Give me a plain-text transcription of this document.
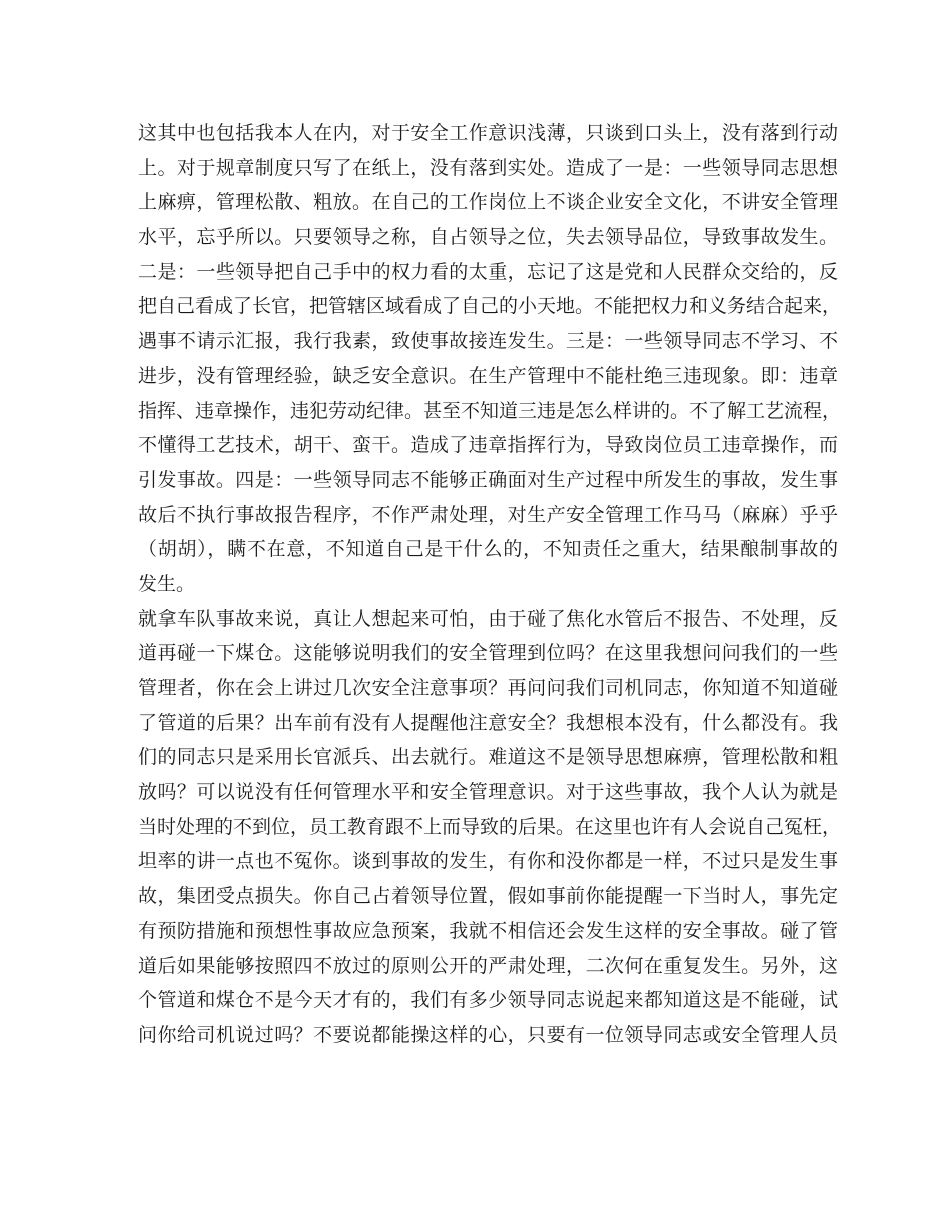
这其中也包括我本人在内，对于安全工作意识浅薄，只谈到口头上，没有落到行动
上。对于规章制度只写了在纸上，没有落到实处。造成了一是：一些领导同志思想
上麻痹，管理松散、粗放。在自己的工作岗位上不谈企业安全文化，不讲安全管理
水平，忘乎所以。只要领导之称，自占领导之位，失去领导品位，导致事故发生。
二是：一些领导把自己手中的权力看的太重，忘记了这是党和人民群众交给的，反
把自己看成了长官，把管辖区域看成了自己的小天地。不能把权力和义务结合起来，
遇事不请示汇报，我行我素，致使事故接连发生。三是：一些领导同志不学习、不
进步，没有管理经验，缺乏安全意识。在生产管理中不能杜绝三违现象。即：违章
指挥、违章操作，违犯劳动纪律。甚至不知道三违是怎么样讲的。不了解工艺流程，
不懂得工艺技术，胡干、蛮干。造成了违章指挥行为，导致岗位员工违章操作，而
引发事故。四是：一些领导同志不能够正确面对生产过程中所发生的事故，发生事
故后不执行事故报告程序，不作严肃处理，对生产安全管理工作马马（麻麻）乎乎
（胡胡），瞒不在意，不知道自己是干什么的，不知责任之重大，结果酿制事故的
发生。
就拿车队事故来说，真让人想起来可怕，由于碰了焦化水管后不报告、不处理，反
道再碰一下煤仓。这能够说明我们的安全管理到位吗？在这里我想问问我们的一些
管理者，你在会上讲过几次安全注意事项？再问问我们司机同志，你知道不知道碰
了管道的后果？出车前有没有人提醒他注意安全？我想根本没有，什么都没有。我
们的同志只是采用长官派兵、出去就行。难道这不是领导思想麻痹，管理松散和粗
放吗？可以说没有任何管理水平和安全管理意识。对于这些事故，我个人认为就是
当时处理的不到位，员工教育跟不上而导致的后果。在这里也许有人会说自己冤枉，
坦率的讲一点也不冤你。谈到事故的发生，有你和没你都是一样，不过只是发生事
故，集团受点损失。你自己占着领导位置，假如事前你能提醒一下当时人，事先定
有预防措施和预想性事故应急预案，我就不相信还会发生这样的安全事故。碰了管
道后如果能够按照四不放过的原则公开的严肃处理，二次何在重复发生。另外，这
个管道和煤仓不是今天才有的，我们有多少领导同志说起来都知道这是不能碰，试
问你给司机说过吗？不要说都能操这样的心，只要有一位领导同志或安全管理人员
